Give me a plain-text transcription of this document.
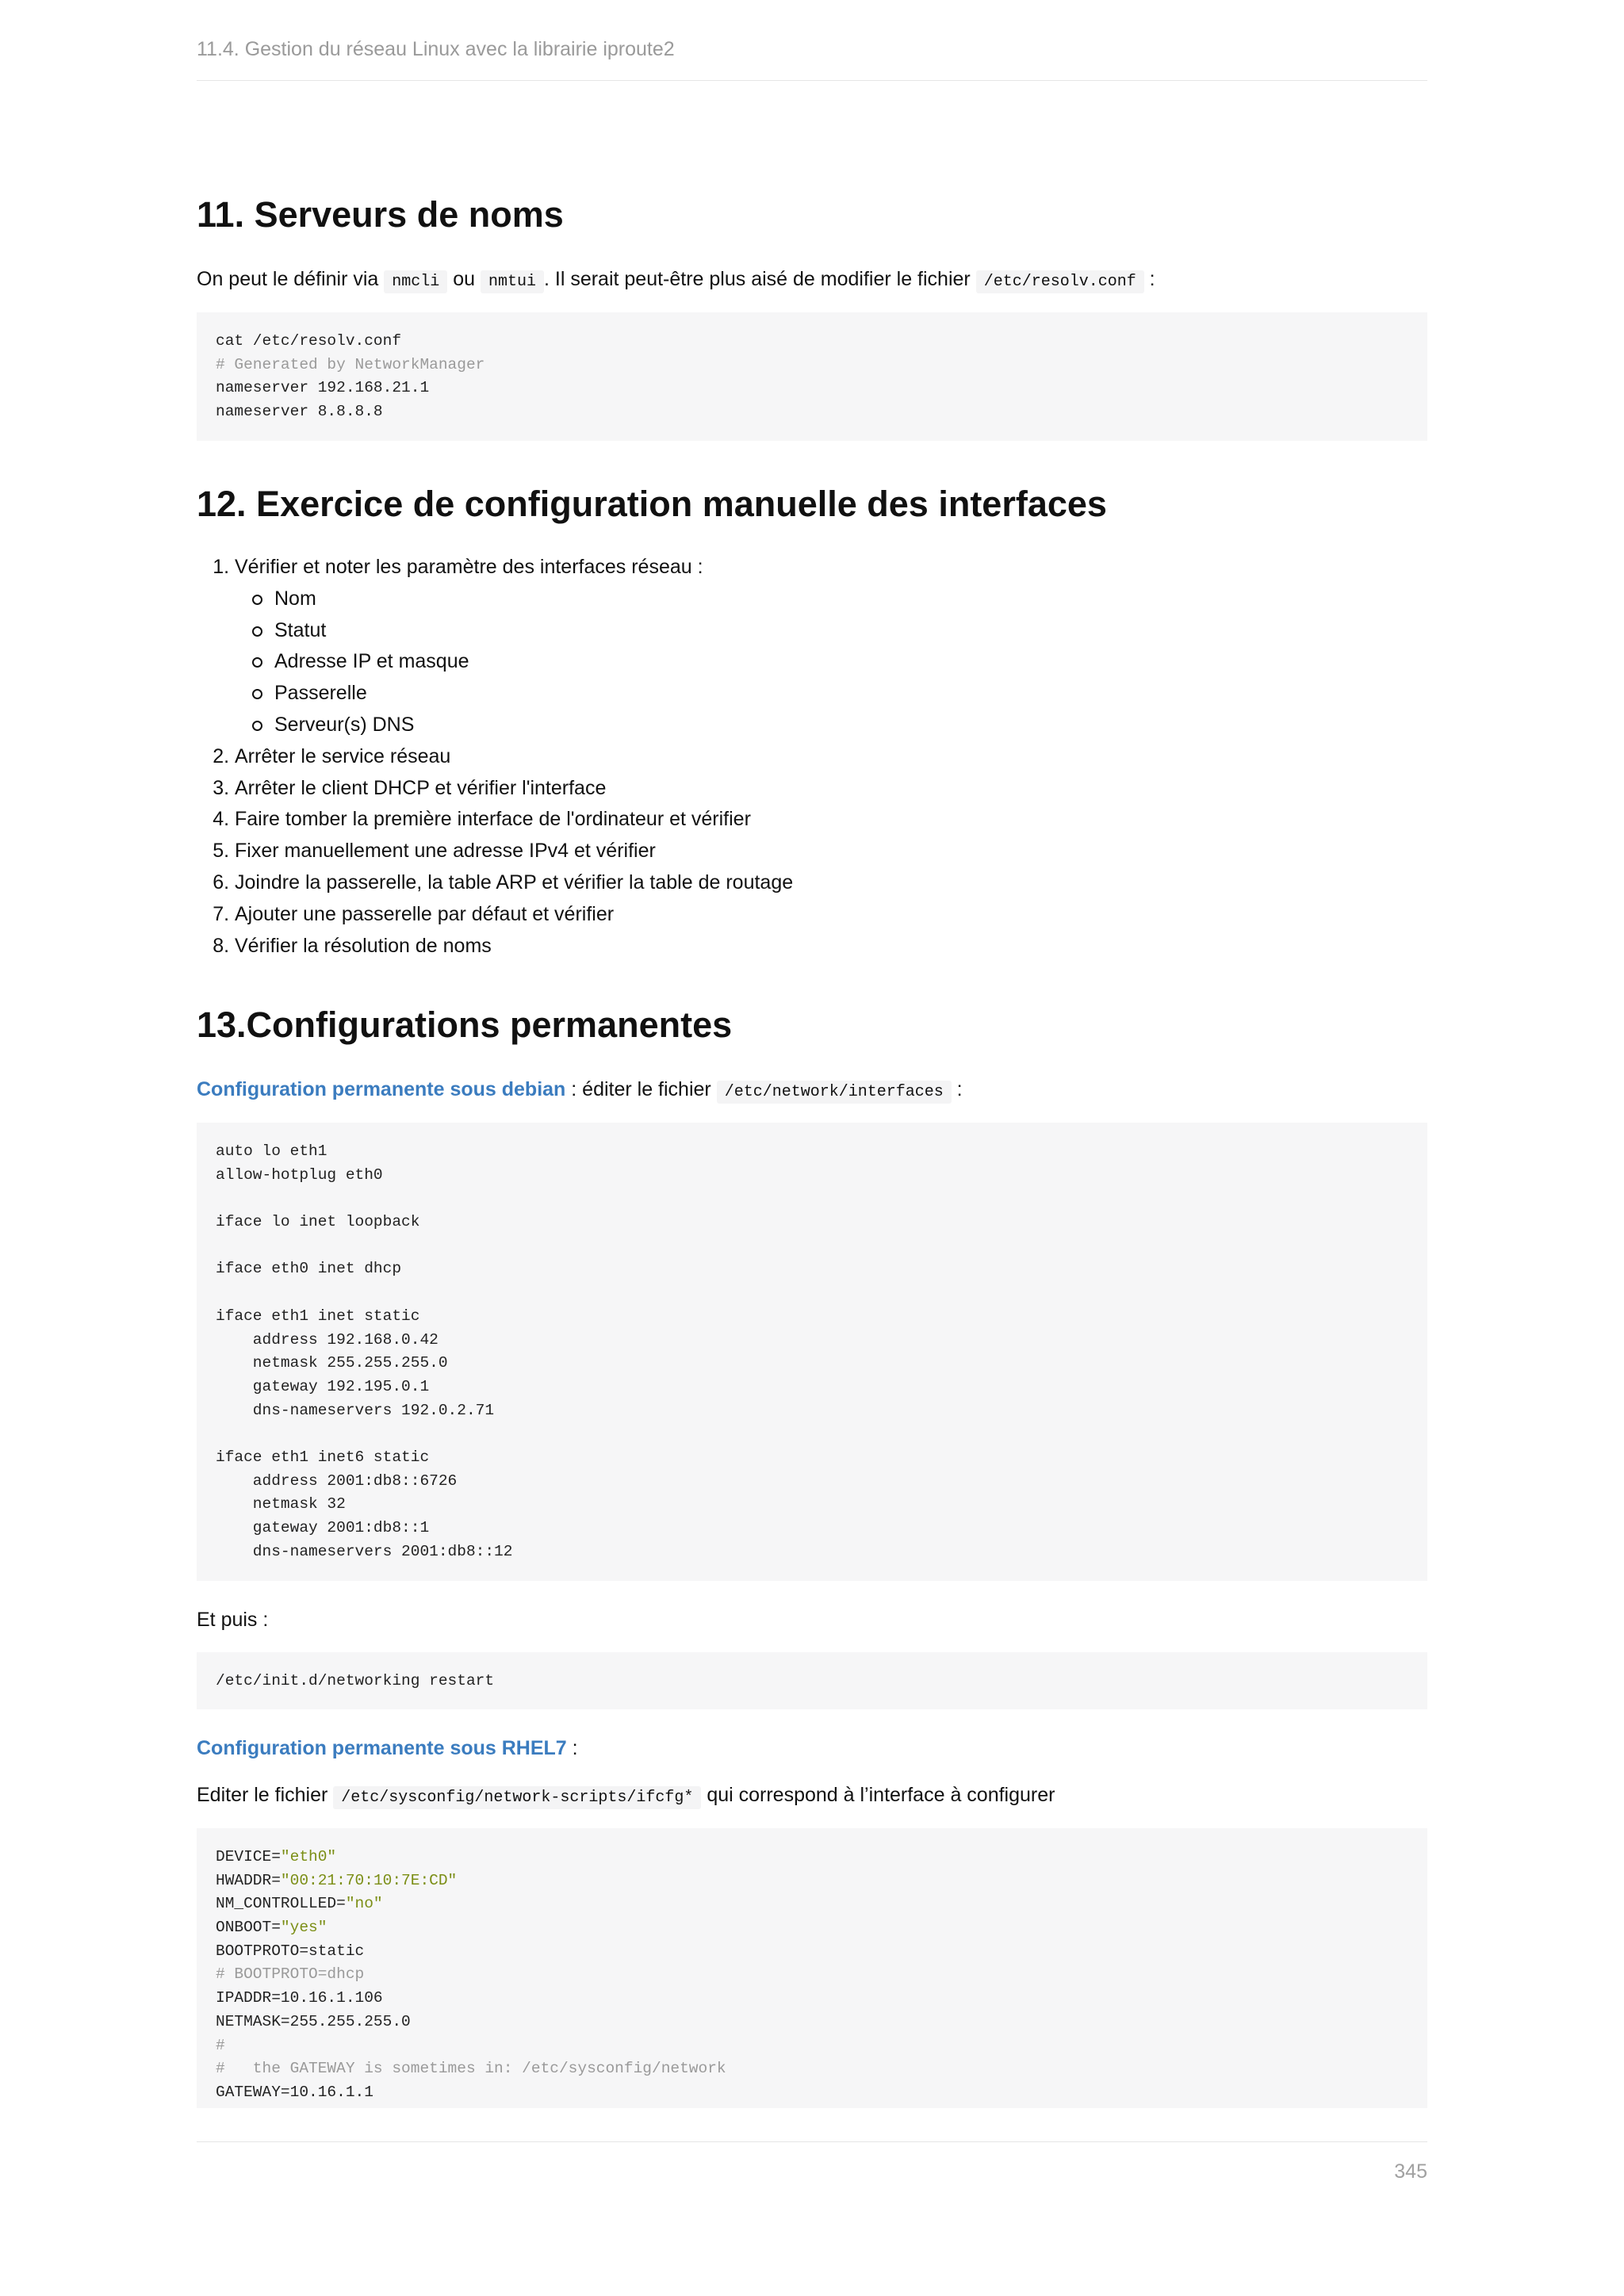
11.4. Gestion du réseau Linux avec la librairie iproute2
11. Serveurs de noms

On peut le définir via nmcli ou nmtui . Il serait peut-être plus aisé de modifier le fichier /etc/resolv.conf :

cat /etc/resolv.conf
# Generated by NetworkManager
nameserver 192.168.21.1
nameserver 8.8.8.8
12. Exercice de configuration manuelle des interfaces
1. Vérifier et noter les paramètre des interfaces réseau :
Nom
Statut
Adresse IP et masque
Passerelle
Serveur(s) DNS
2. Arrêter le service réseau
3. Arrêter le client DHCP et vérifier l'interface
4. Faire tomber la première interface de l'ordinateur et vérifier
5. Fixer manuellement une adresse IPv4 et vérifier
6. Joindre la passerelle, la table ARP et vérifier la table de routage
7. Ajouter une passerelle par défaut et vérifier
8. Vérifier la résolution de noms
13.Configurations permanentes

Configuration permanente sous debian : éditer le fichier /etc/network/interfaces :

auto lo eth1
allow-hotplug eth0
iface lo inet loopback
iface eth0 inet dhcp
iface eth1 inet static
address 192.168.0.42
netmask 255.255.255.0
gateway 192.195.0.1
dns-nameservers 192.0.2.71
iface eth1 inet6 static
address 2001:db8::6726
netmask 32
gateway 2001:db8::1
dns-nameservers 2001:db8::12

Et puis :

/etc/init.d/networking restart

Configuration permanente sous RHEL7 :

Editer le fichier /etc/sysconfig/network-scripts/ifcfg* qui correspond à l’interface à configurer

DEVICE="eth0"
HWADDR="00:21:70:10:7E:CD"
NM_CONTROLLED="no"
ONBOOT="yes"
BOOTPROTO=static
# BOOTPROTO=dhcp
IPADDR=10.16.1.106
NETMASK=255.255.255.0
#
#   the GATEWAY is sometimes in: /etc/sysconfig/network
GATEWAY=10.16.1.1
345
